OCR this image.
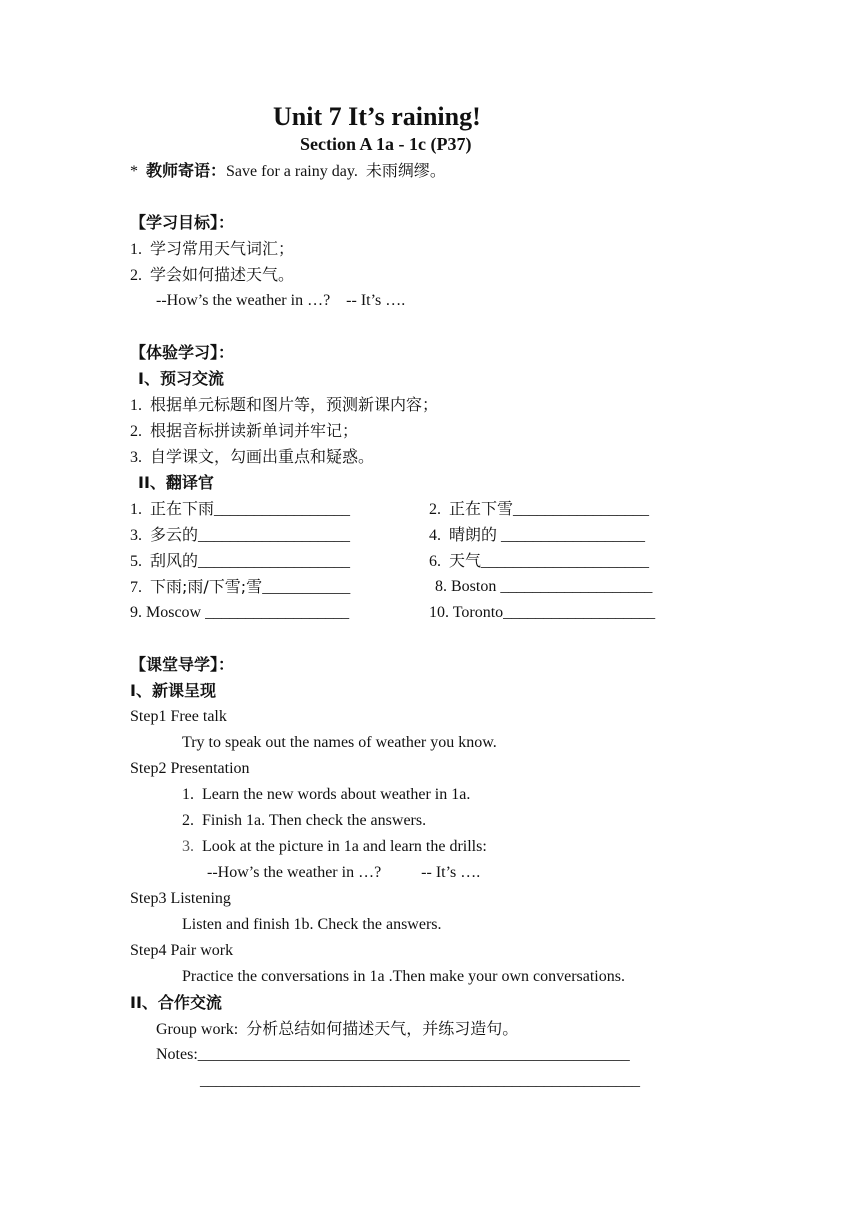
Unit 7 It’s raining!
Section A 1a - 1c (P37)
* 教师寄语：Save for a rainy day. 未雨绸缪。
【学习目标】：
1. 学习常用天气词汇；
2. 学会如何描述天气。
--How’s the weather in …?    -- It’s ….
【体验学习】：
I、预习交流
1. 根据单元标题和图片等，预测新课内容；
2. 根据音标拼读新单词并牢记；
3. 自学课文，勾画出重点和疑惑。
II、翻译官
1. 正在下雨_________________
3. 多云的___________________
5. 刮风的___________________
7. 下雨;雨/下雪;雪___________
9. Moscow __________________
2. 正在下雪_________________
4. 晴朗的 __________________
6. 天气_____________________
8. Boston ___________________
10. Toronto___________________
【课堂导学】：
I、新课呈现
Step1 Free talk
Try to speak out the names of weather you know.
Step2 Presentation
1. Learn the new words about weather in 1a.
2. Finish 1a. Then check the answers.
3. Look at the picture in 1a and learn the drills:
--How’s the weather in …?          -- It’s ….
Step3 Listening
Listen and finish 1b. Check the answers.
Step4 Pair work
Practice the conversations in 1a .Then make your own conversations.
II、合作交流
Group work: 分析总结如何描述天气，并练习造句。
Notes:______________________________________________________
_______________________________________________________
